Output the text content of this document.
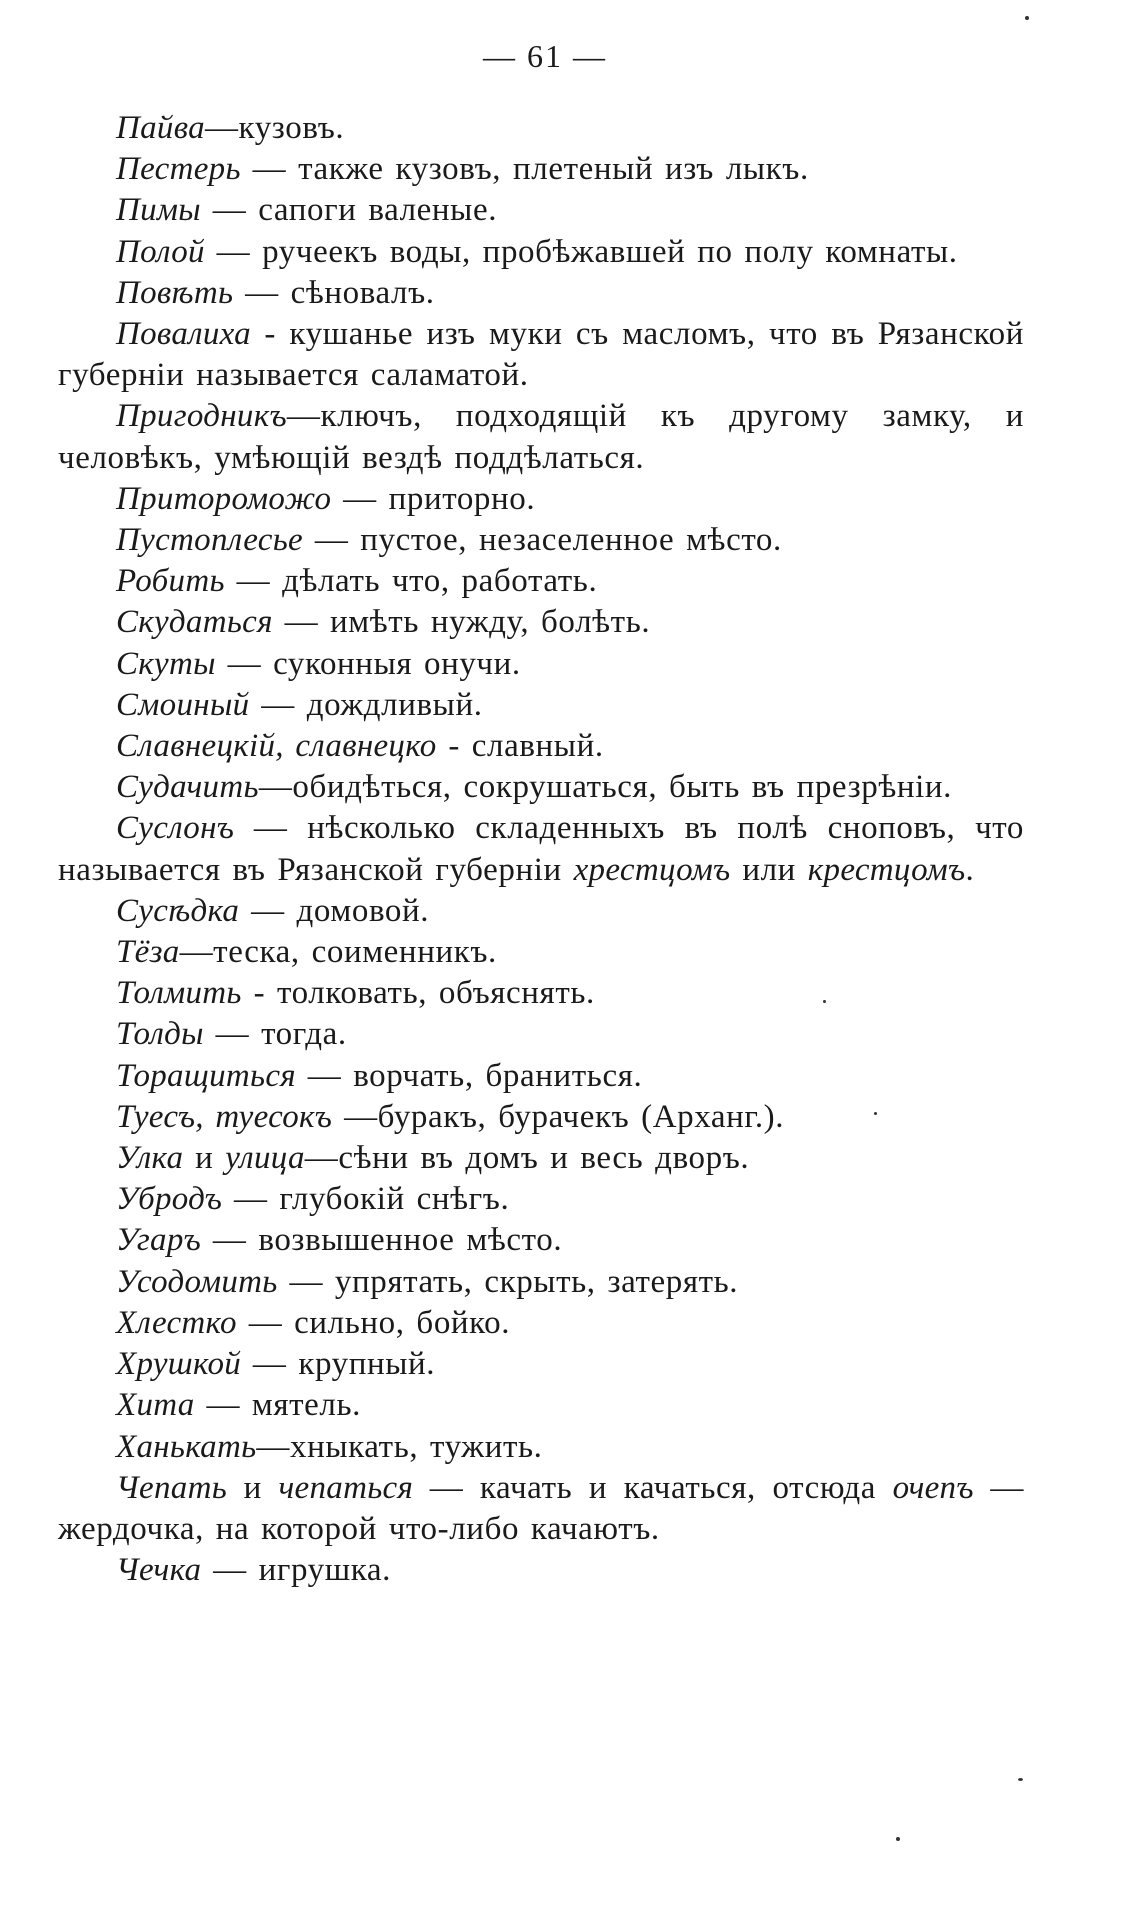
— 61 —

Пайва—кузовъ.

Пестерь — также кузовъ, плетеный изъ лыкъ.

Пимы — сапоги валеные.

Полой — ручеекъ воды, пробѣжавшей по полу комнаты.

Повѣть — сѣновалъ.

Повалиха - кушанье изъ муки съ масломъ, что въ Рязанской губерніи называется саламатой.

Пригодникъ—ключъ, подходящій къ другому замку, и человѣкъ, умѣющій вездѣ поддѣлаться.

Притороможо — приторно.

Пустоплесье — пустое, незаселенное мѣсто.

Робить — дѣлать что, работать.

Скудаться — имѣть нужду, болѣть.

Скуты — суконныя онучи.

Смоиный — дождливый.

Славнецкій, славнецко - славный.

Судачить—обидѣться, сокрушаться, быть въ презрѣніи.

Суслонъ — нѣсколько складенныхъ въ полѣ сноповъ, что называется въ Рязанской губерніи хрестцомъ или крестцомъ.

Сусѣдка — домовой.

Тёза—теска, соименникъ.

Толмить - толковать, объяснять.

Толды — тогда.

Торащиться — ворчать, браниться.

Туесъ, туесокъ —буракъ, бурачекъ (Арханг.).

Улка и улица—сѣни въ домъ и весь дворъ.

Убродъ — глубокій снѣгъ.

Угаръ — возвышенное мѣсто.

Усодомить — упрятать, скрыть, затерять.

Хлестко — сильно, бойко.

Хрушкой — крупный.

Хита — мятель.

Ханькать—хныкать, тужить.

Чепать и чепаться — качать и качаться, отсюда очепъ — жердочка, на которой что-либо качаютъ.

Чечка — игрушка.
